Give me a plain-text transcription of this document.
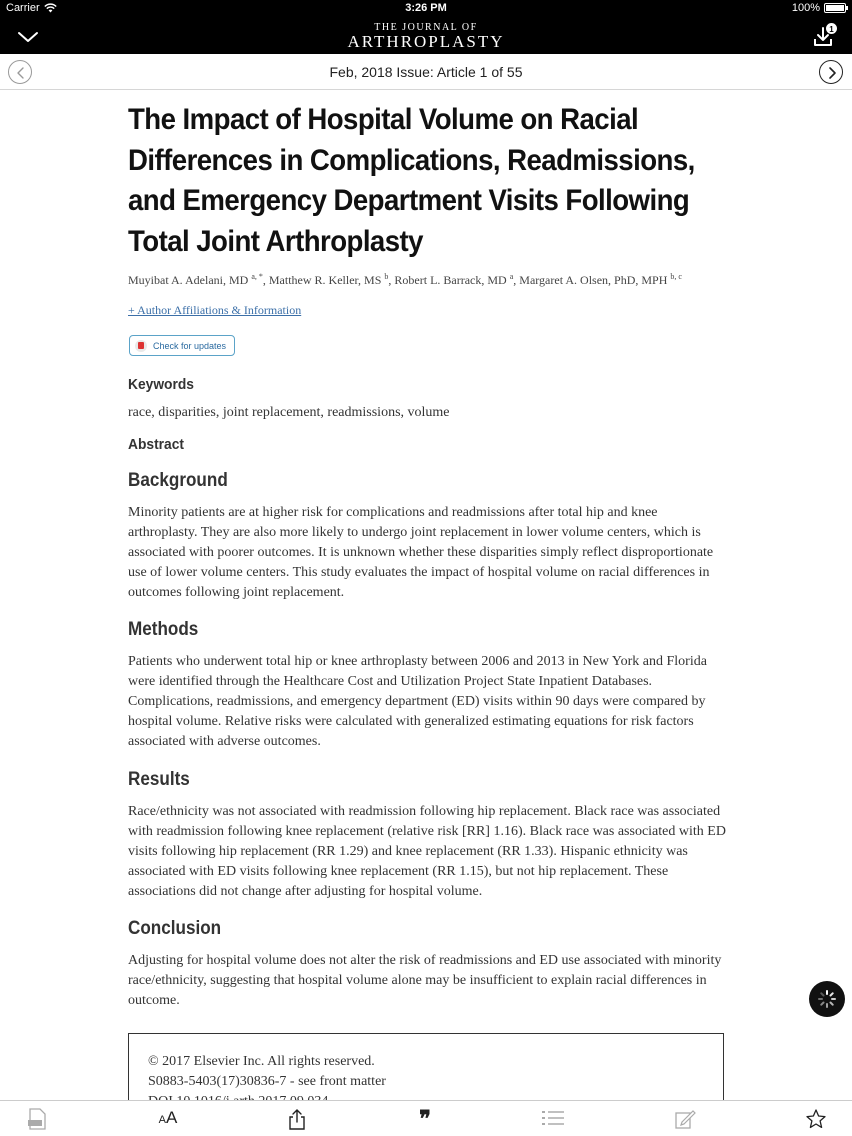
Carrier	3:26 PM	100%
THE JOURNAL OF
ARTHROPLASTY
1
Feb, 2018 Issue: Article 1 of 55
The Impact of Hospital Volume on Racial Differences in Complications, Readmissions, and Emergency Department Visits Following Total Joint Arthroplasty
Muyibat A. Adelani, MD $^{a, *}$, Matthew R. Keller, MS $^b$, Robert L. Barrack, MD $^a$, Margaret A. Olsen, PhD, MPH $^{b, c}$
+ Author Affiliations & Information
Check for updates
Keywords
race, disparities, joint replacement, readmissions, volume
Abstract
Background
Minority patients are at higher risk for complications and readmissions after total hip and knee arthroplasty. They are also more likely to undergo joint replacement in lower volume centers, which is associated with poorer outcomes. It is unknown whether these disparities simply reflect disproportionate use of lower volume centers. This study evaluates the impact of hospital volume on racial differences in outcomes following joint replacement.
Methods
Patients who underwent total hip or knee arthroplasty between 2006 and 2013 in New York and Florida were identified through the Healthcare Cost and Utilization Project State Inpatient Databases. Complications, readmissions, and emergency department (ED) visits within 90 days were compared by hospital volume. Relative risks were calculated with generalized estimating equations for risk factors associated with adverse outcomes.
Results
Race/ethnicity was not associated with readmission following hip replacement. Black race was associated with readmission following knee replacement (relative risk [RR] 1.16). Black race was associated with ED visits following hip replacement (RR 1.29) and knee replacement (RR 1.33). Hispanic ethnicity was associated with ED visits following knee replacement (RR 1.15), but not hip replacement. These associations did not change after adjusting for hospital volume.
Conclusion
Adjusting for hospital volume does not alter the risk of readmissions and ED use associated with minority race/ethnicity, suggesting that hospital volume alone may be insufficient to explain racial differences in outcome.
© 2017 Elsevier Inc. All rights reserved.
S0883-5403(17)30836-7 - see front matter
AA	❞
